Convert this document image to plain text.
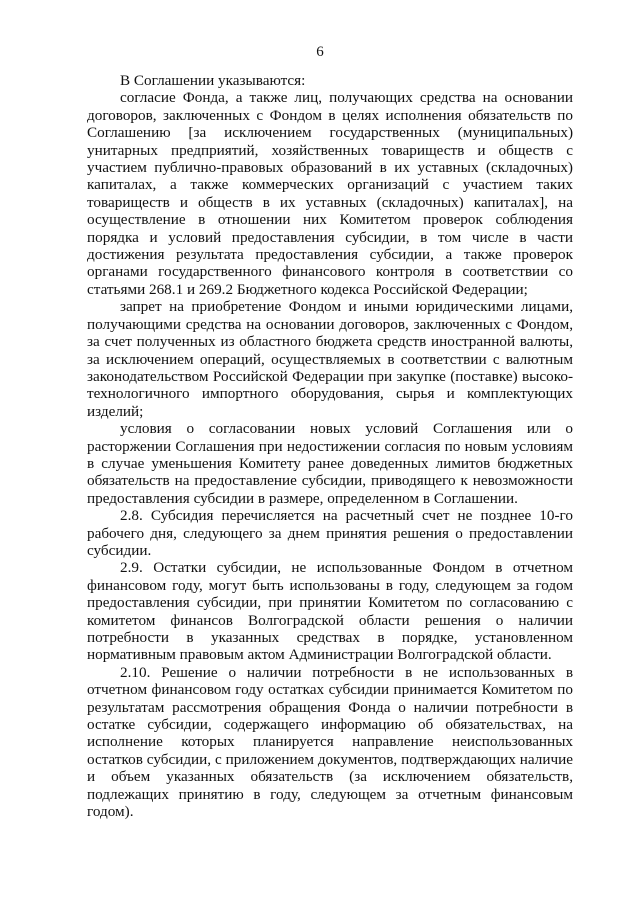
6

В Соглашении указываются:

согласие Фонда, а также лиц, получающих средства на основании договоров, заключенных с Фондом в целях исполнения обязательств по Соглашению [за исключением государственных (муниципальных) унитарных предприятий, хозяйственных товариществ и обществ с участием публично-правовых образований в их уставных (складочных) капиталах, а также коммерческих организаций с участием таких товариществ и обществ в их уставных (складочных) капиталах], на осуществление в отношении них Комитетом проверок соблюдения порядка и условий предоставления субсидии, в том числе в части достижения результата предоставления субсидии, а также проверок органами государственного финансового контроля в соответствии со статьями 268.1 и 269.2 Бюджетного кодекса Российской Федерации;

запрет на приобретение Фондом и иными юридическими лицами, получающими средства на основании договоров, заключенных с Фондом, за счет полученных из областного бюджета средств иностранной валюты, за исключением операций, осуществляемых в соответствии с валютным законодательством Российской Федерации при закупке (поставке) высокотехнологичного импортного оборудования, сырья и комплектующих изделий;

условия о согласовании новых условий Соглашения или о расторжении Соглашения при недостижении согласия по новым условиям в случае уменьшения Комитету ранее доведенных лимитов бюджетных обязательств на предоставление субсидии, приводящего к невозможности предоставления субсидии в размере, определенном в Соглашении.

2.8. Субсидия перечисляется на расчетный счет не позднее 10-го рабочего дня, следующего за днем принятия решения о предоставлении субсидии.

2.9. Остатки субсидии, не использованные Фондом в отчетном финансовом году, могут быть использованы в году, следующем за годом предоставления субсидии, при принятии Комитетом по согласованию с комитетом финансов Волгоградской области решения о наличии потребности в указанных средствах в порядке, установленном нормативным правовым актом Администрации Волгоградской области.

2.10. Решение о наличии потребности в не использованных в отчетном финансовом году остатках субсидии принимается Комитетом по результатам рассмотрения обращения Фонда о наличии потребности в остатке субсидии, содержащего информацию об обязательствах, на исполнение которых планируется направление неиспользованных остатков субсидии, с приложением документов, подтверждающих наличие и объем указанных обязательств (за исключением обязательств, подлежащих принятию в году, следующем за отчетным финансовым годом).
